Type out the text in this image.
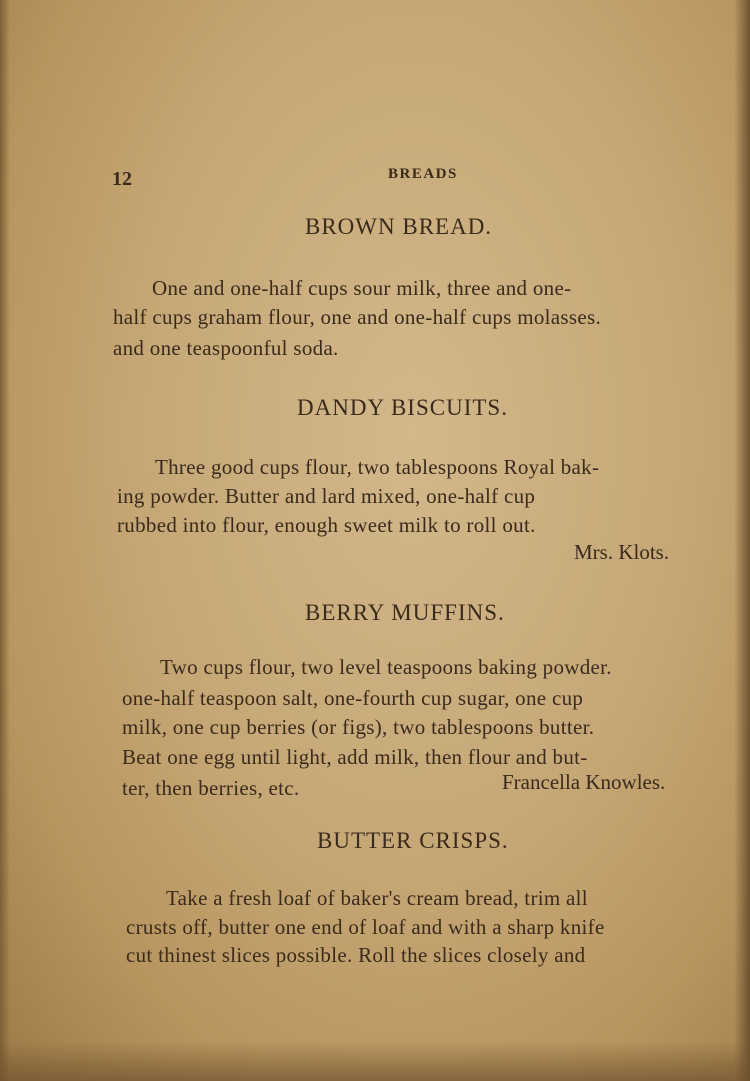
12	BREADS
BROWN BREAD.
One and one-half cups sour milk, three and one-
half cups graham flour, one and one-half cups molasses.
and one teaspoonful soda.
DANDY BISCUITS.
Three good cups flour, two tablespoons Royal bak-
ing powder. Butter and lard mixed, one-half cup
rubbed into flour, enough sweet milk to roll out.
Mrs. Klots.
BERRY MUFFINS.
Two cups flour, two level teaspoons baking powder.
one-half teaspoon salt, one-fourth cup sugar, one cup
milk, one cup berries (or figs), two tablespoons butter.
Beat one egg until light, add milk, then flour and but-
ter, then berries, etc.	Francella Knowles.
BUTTER CRISPS.
Take a fresh loaf of baker's cream bread, trim all
crusts off, butter one end of loaf and with a sharp knife
cut thinest slices possible. Roll the slices closely and
